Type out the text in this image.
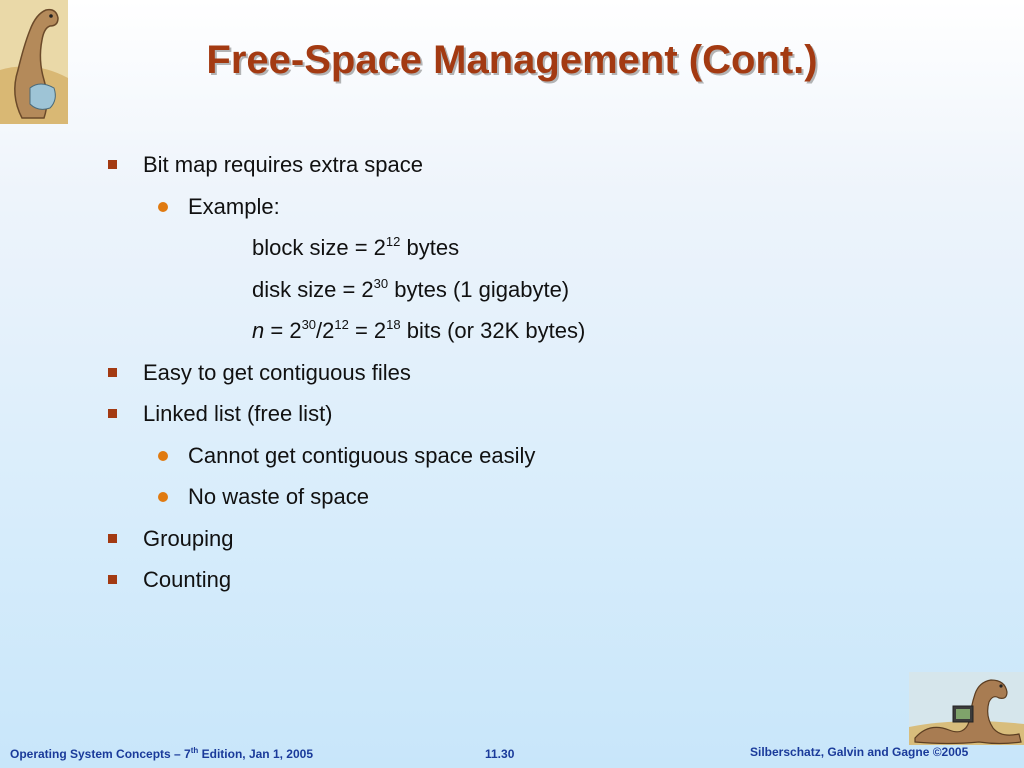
Free-Space Management (Cont.)
Bit map requires extra space
Example:
block size = $2^{12}$ bytes
disk size = $2^{30}$ bytes (1 gigabyte)
$n = 2^{30}/2^{12} = 2^{18}$ bits (or 32K bytes)
Easy to get contiguous files
Linked list (free list)
Cannot get contiguous space easily
No waste of space
Grouping
Counting
Operating System Concepts – 7th Edition, Jan 1, 2005	11.30	Silberschatz, Galvin and Gagne ©2005
